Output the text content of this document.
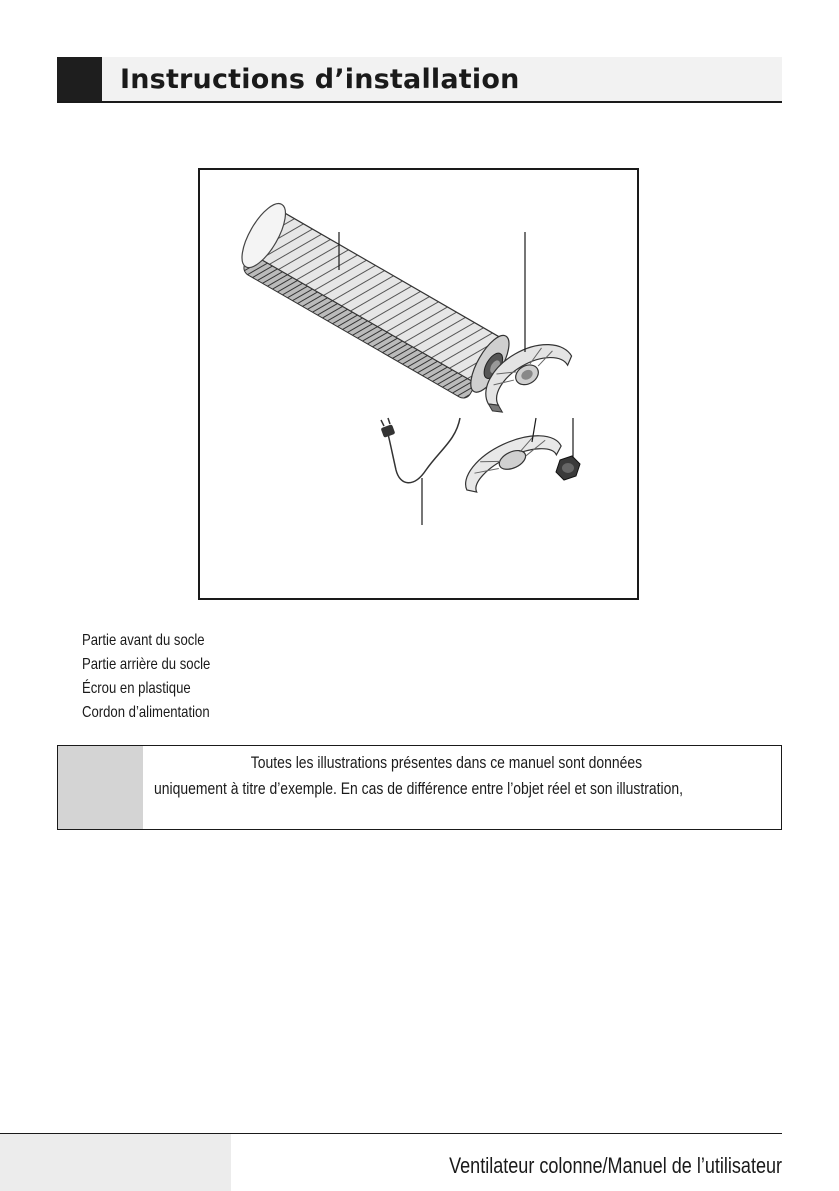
Instructions d’installation
Partie avant du socle
Partie arrière du socle
Écrou en plastique
Cordon d’alimentation
Toutes les illustrations présentes dans ce manuel sont données
uniquement à titre d’exemple. En cas de différence entre l’objet réel et son illustration,
Ventilateur colonne/Manuel de l’utilisateur
